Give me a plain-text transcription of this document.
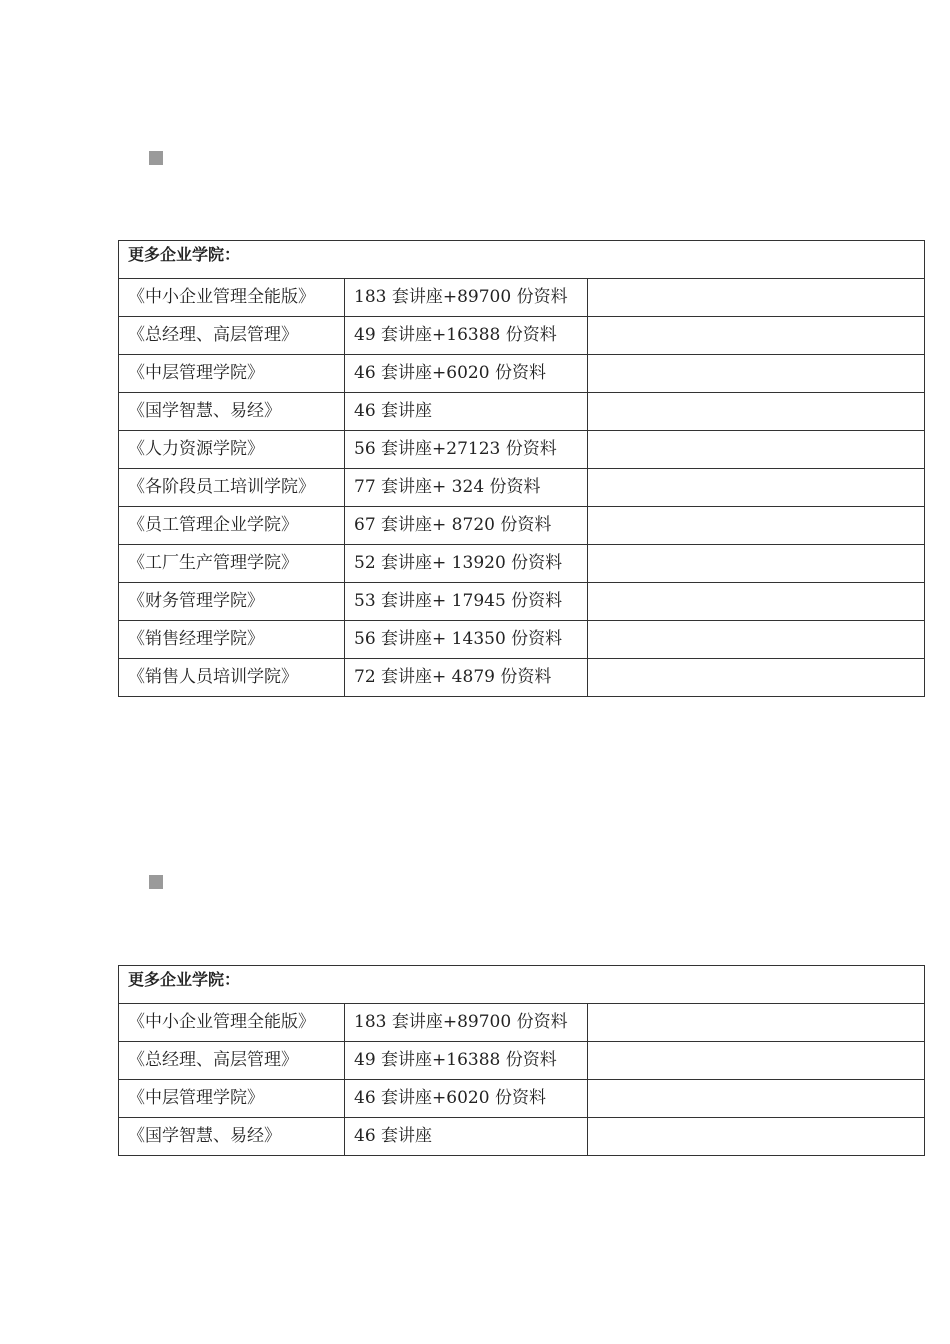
更多企业学院：		
《中小企业管理全能版》	183 套讲座+89700 份资料	
《总经理、高层管理》	49 套讲座+16388 份资料	
《中层管理学院》	46 套讲座+6020 份资料	
《国学智慧、易经》	46 套讲座	
《人力资源学院》	56 套讲座+27123 份资料	
《各阶段员工培训学院》	77 套讲座+ 324 份资料	
《员工管理企业学院》	67 套讲座+ 8720 份资料	
《工厂生产管理学院》	52 套讲座+ 13920 份资料	
《财务管理学院》	53 套讲座+ 17945 份资料	
《销售经理学院》	56 套讲座+ 14350 份资料	
《销售人员培训学院》	72 套讲座+ 4879 份资料	
更多企业学院：		
《中小企业管理全能版》	183 套讲座+89700 份资料	
《总经理、高层管理》	49 套讲座+16388 份资料	
《中层管理学院》	46 套讲座+6020 份资料	
《国学智慧、易经》	46 套讲座	
